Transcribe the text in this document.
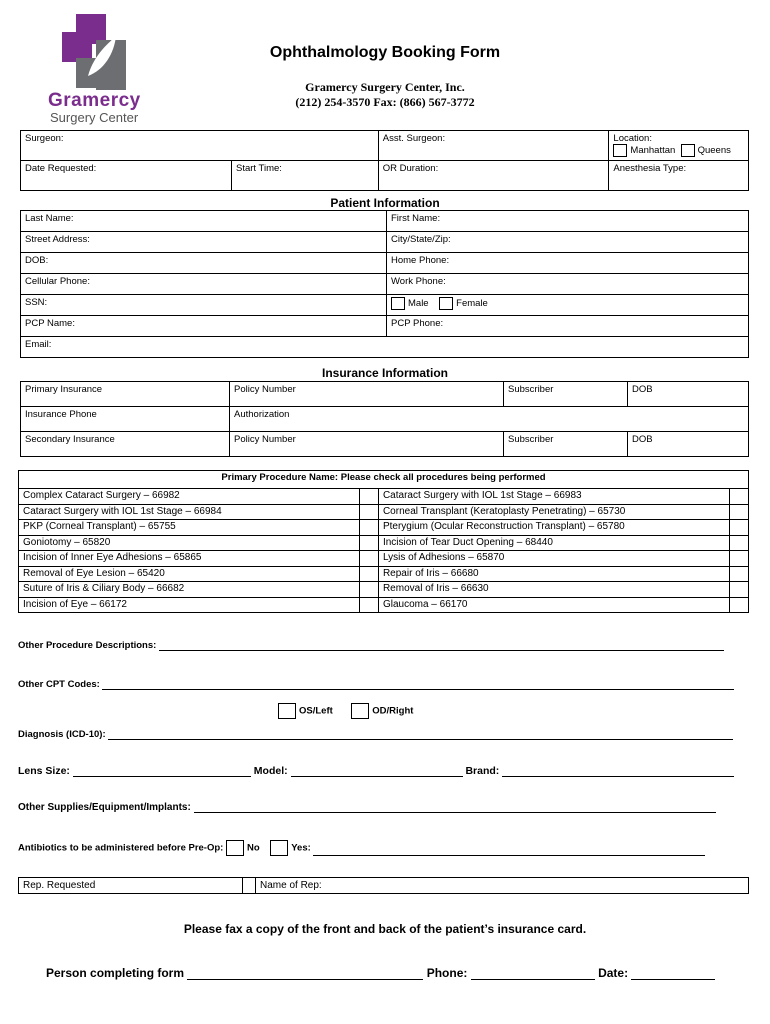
Gramercy
Surgery Center
Ophthalmology Booking Form
Gramercy Surgery Center, Inc.
(212) 254-3570 Fax: (866) 567-3772
Surgeon:		Asst. Surgeon:	Location:
Manhattan Queens

Date Requested:	Start Time:	OR Duration:	Anesthesia Type:
Patient Information
Last Name:	First Name:
Street Address:	City/State/Zip:
DOB:	Home Phone:
Cellular Phone:	Work Phone:
SSN:	Male Female
PCP Name:	PCP Phone:
Email:	
Insurance Information
Primary Insurance	Policy Number	Subscriber	DOB
Insurance Phone	Authorization		
Secondary Insurance	Policy Number	Subscriber	DOB
Primary Procedure Name: Please check all procedures being performed			
Complex Cataract Surgery – 66982		Cataract Surgery with IOL 1st Stage – 66983	
Cataract Surgery with IOL 1st Stage – 66984		Corneal Transplant (Keratoplasty Penetrating) – 65730	
PKP (Corneal Transplant) – 65755		Pterygium (Ocular Reconstruction Transplant) – 65780	
Goniotomy – 65820		Incision of Tear Duct Opening – 68440	
Incision of Inner Eye Adhesions – 65865		Lysis of Adhesions – 65870	
Removal of Eye Lesion – 65420		Repair of Iris – 66680	
Suture of Iris & Ciliary Body – 66682		Removal of Iris – 66630	
Incision of Eye – 66172		Glaucoma – 66170	
Other Procedure Descriptions:
Other CPT Codes:
OS/Left	OD/Right
Diagnosis (ICD-10):
Lens Size:	Model:	Brand:
Other Supplies/Equipment/Implants:
Antibiotics to be administered before Pre-Op: No	Yes:
Rep. Requested		Name of Rep:
Please fax a copy of the front and back of the patient’s insurance card.
Person completing form	Phone:	Date:
